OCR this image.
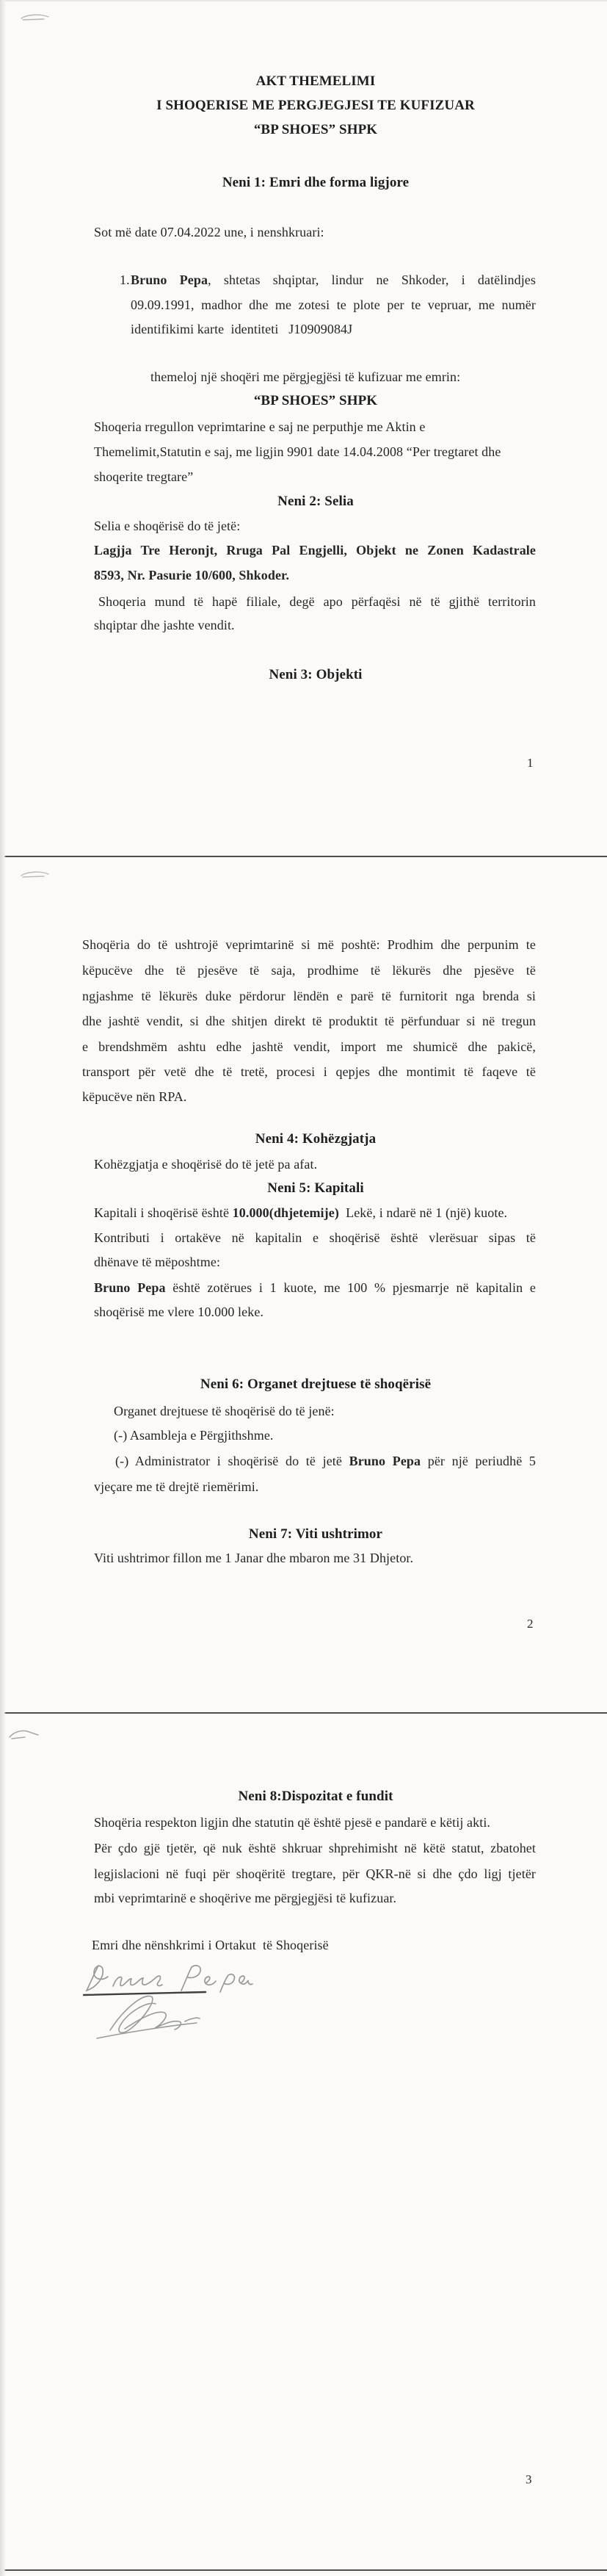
AKT THEMELIMI
I SHOQERISE ME PERGJEGJESI TE KUFIZUAR
“BP SHOES” SHPK
Neni 1: Emri dhe forma ligjore
Sot më date 07.04.2022 une, i nenshkruari:
1. Bruno Pepa, shtetas shqiptar, lindur ne Shkoder, i datëlindjes
09.09.1991, madhor dhe me zotesi te plote per te vepruar, me numër
identifikimi karte  identiteti   J10909084J
themeloj një shoqëri me përgjegjësi të kufizuar me emrin:
“BP SHOES” SHPK
Shoqeria rregullon veprimtarine e saj ne perputhje me Aktin e
Themelimit,Statutin e saj, me ligjin 9901 date 14.04.2008 “Per tregtaret dhe
shoqerite tregtare”
Neni 2: Selia
Selia e shoqërisë do të jetë:
Lagjja Tre Heronjt, Rruga Pal Engjelli, Objekt ne Zonen Kadastrale
8593, Nr. Pasurie 10/600, Shkoder.
Shoqeria mund të hapë filiale, degë apo përfaqësi në të gjithë territorin
shqiptar dhe jashte vendit.
Neni 3: Objekti
1
Shoqëria do të ushtrojë veprimtarinë si më poshtë: Prodhim dhe perpunim te
këpucëve dhe të pjesëve të saja, prodhime të lëkurës dhe pjesëve të
ngjashme të lëkurës duke përdorur lëndën e parë të furnitorit nga brenda si
dhe jashtë vendit, si dhe shitjen direkt të produktit të përfunduar si në tregun
e brendshmëm ashtu edhe jashtë vendit, import me shumicë dhe pakicë,
transport për vetë dhe të tretë, procesi i qepjes dhe montimit të faqeve të
këpucëve nën RPA.
Neni 4: Kohëzgjatja
Kohëzgjatja e shoqërisë do të jetë pa afat.
Neni 5: Kapitali
Kapitali i shoqërisë është 10.000(dhjetemije)  Lekë, i ndarë në 1 (një) kuote.
Kontributi i ortakëve në kapitalin e shoqërisë është vlerësuar sipas të
dhënave të mëposhtme:
Bruno Pepa është zotërues i 1 kuote, me 100 % pjesmarrje në kapitalin e
shoqërisë me vlere 10.000 leke.
Neni 6: Organet drejtuese të shoqërisë
Organet drejtuese të shoqërisë do të jenë:
(-) Asambleja e Përgjithshme.
(-) Administrator i shoqërisë do të jetë Bruno Pepa për një periudhë 5
vjeçare me të drejtë riemërimi.
Neni 7: Viti ushtrimor
Viti ushtrimor fillon me 1 Janar dhe mbaron me 31 Dhjetor.
2
Neni 8:Dispozitat e fundit
Shoqëria respekton ligjin dhe statutin që është pjesë e pandarë e këtij akti.
Për çdo gjë tjetër, që nuk është shkruar shprehimisht në këtë statut, zbatohet
legjislacioni në fuqi për shoqëritë tregtare, për QKR-në si dhe çdo ligj tjetër
mbi veprimtarinë e shoqërive me përgjegjësi të kufizuar.
Emri dhe nënshkrimi i Ortakut  të Shoqerisë
3
